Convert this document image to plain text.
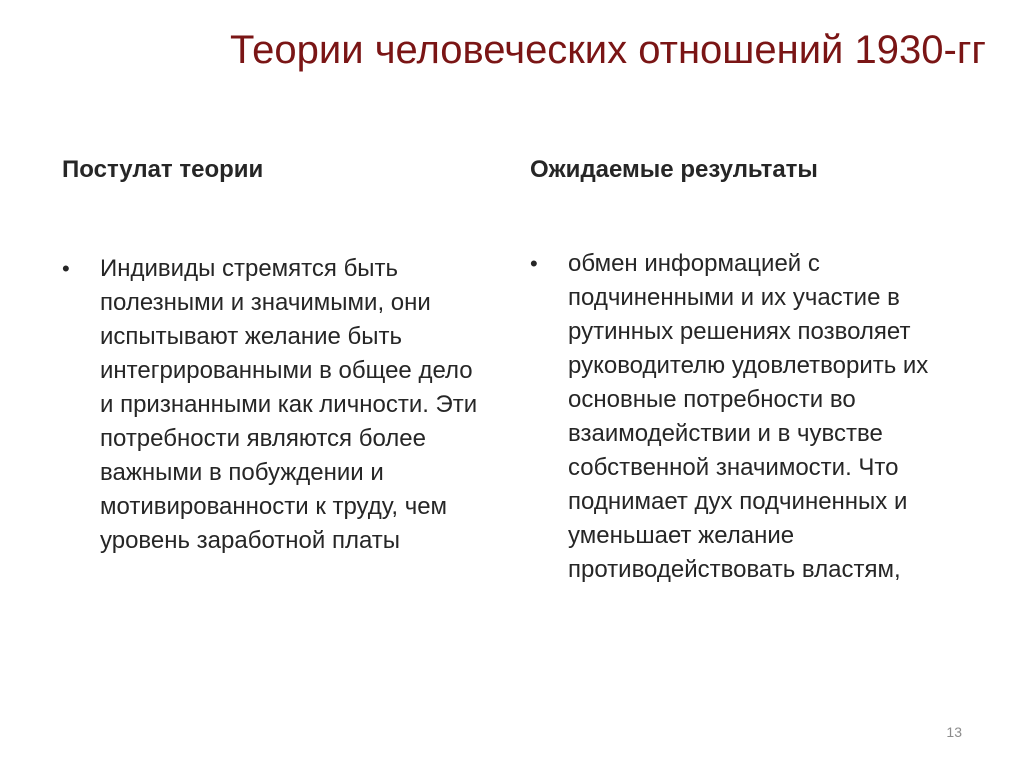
Теории человеческих отношений 1930-гг
Постулат теории
•	Индивиды стремятся быть полезными и значимыми, они испытывают желание быть интегрированными в общее дело и признанными как личности. Эти потребности являются более важными в побуждении и мотивированности к труду, чем уровень заработной платы
Ожидаемые результаты
•	обмен информацией с подчиненными и их участие в рутинных решениях позволяет руководителю удовлетворить их основные потребности во взаимодействии и в чувстве собственной значимости. Что поднимает дух подчиненных и уменьшает желание противодействовать властям,
13
